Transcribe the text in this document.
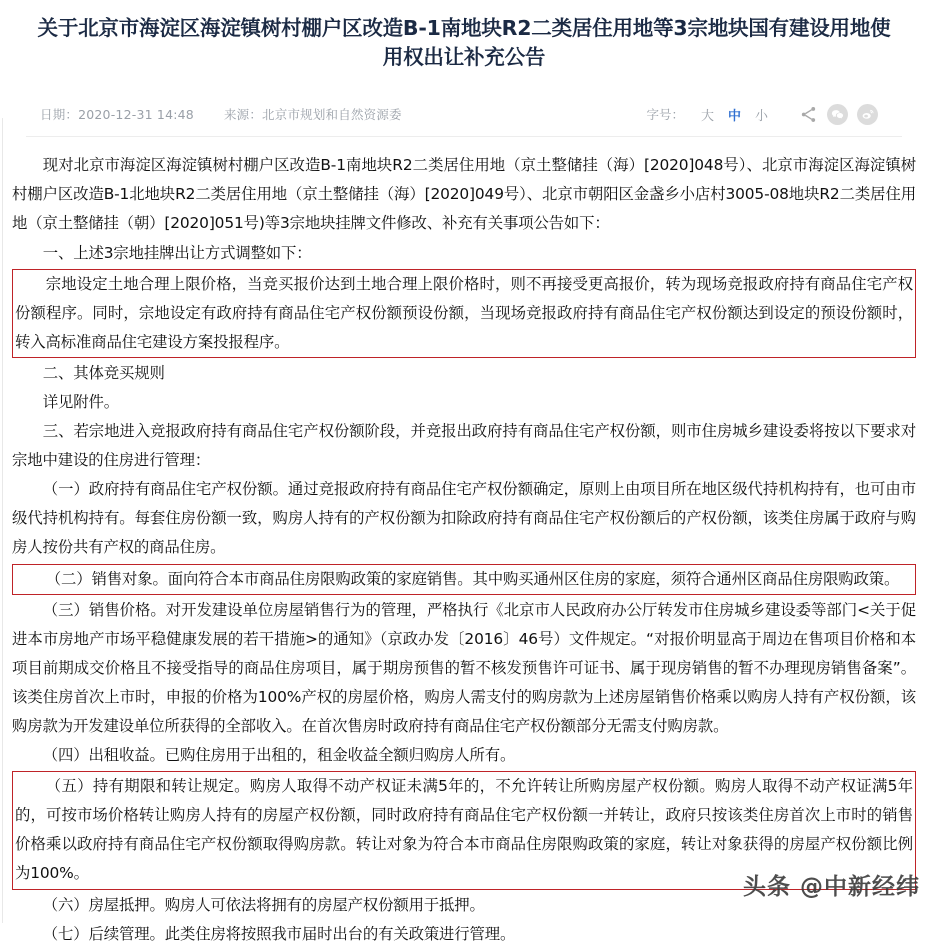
关于北京市海淀区海淀镇树村棚户区改造B-1南地块R2二类居住用地等3宗地块国有建设用地使用权出让补充公告
日期：2020-12-31 14:48 来源：北京市规划和自然资源委	字号： 大 中 小

现对北京市海淀区海淀镇树村棚户区改造B-1南地块R2二类居住用地（京土整储挂（海）[2020]048号）、北京市海淀区海淀镇树村棚户区改造B-1北地块R2二类居住用地（京土整储挂（海）[2020]049号）、北京市朝阳区金盏乡小店村3005-08地块R2二类居住用地（京土整储挂（朝）[2020]051号)等3宗地块挂牌文件修改、补充有关事项公告如下：

一、上述3宗地挂牌出让方式调整如下：

宗地设定土地合理上限价格，当竞买报价达到土地合理上限价格时，则不再接受更高报价，转为现场竞报政府持有商品住宅产权份额程序。同时，宗地设定有政府持有商品住宅产权份额预设份额，当现场竞报政府持有商品住宅产权份额达到设定的预设份额时，转入高标准商品住宅建设方案投报程序。

二、其体竞买规则

详见附件。

三、若宗地进入竞报政府持有商品住宅产权份额阶段，并竞报出政府持有商品住宅产权份额，则市住房城乡建设委将按以下要求对宗地中建设的住房进行管理：

（一）政府持有商品住宅产权份额。通过竞报政府持有商品住宅产权份额确定，原则上由项目所在地区级代持机构持有，也可由市级代持机构持有。每套住房份额一致，购房人持有的产权份额为扣除政府持有商品住宅产权份额后的产权份额，该类住房属于政府与购房人按份共有产权的商品住房。

（二）销售对象。面向符合本市商品住房限购政策的家庭销售。其中购买通州区住房的家庭，须符合通州区商品住房限购政策。

（三）销售价格。对开发建设单位房屋销售行为的管理，严格执行《北京市人民政府办公厅转发市住房城乡建设委等部门<关于促进本市房地产市场平稳健康发展的若干措施>的通知》（京政办发〔2016〕46号）文件规定。“对报价明显高于周边在售项目价格和本项目前期成交价格且不接受指导的商品住房项目，属于期房预售的暂不核发预售许可证书、属于现房销售的暂不办理现房销售备案”。该类住房首次上市时，申报的价格为100%产权的房屋价格，购房人需支付的购房款为上述房屋销售价格乘以购房人持有产权份额，该购房款为开发建设单位所获得的全部收入。在首次售房时政府持有商品住宅产权份额部分无需支付购房款。

（四）出租收益。已购住房用于出租的，租金收益全额归购房人所有。

（五）持有期限和转让规定。购房人取得不动产权证未满5年的，不允许转让所购房屋产权份额。购房人取得不动产权证满5年的，可按市场价格转让购房人持有的房屋产权份额，同时政府持有商品住宅产权份额一并转让，政府只按该类住房首次上市时的销售价格乘以政府持有商品住宅产权份额取得购房款。转让对象为符合本市商品住房限购政策的家庭，转让对象获得的房屋产权份额比例为100%。

（六）房屋抵押。购房人可依法将拥有的房屋产权份额用于抵押。

（七）后续管理。此类住房将按照我市届时出台的有关政策进行管理。

头条 @中新经纬
